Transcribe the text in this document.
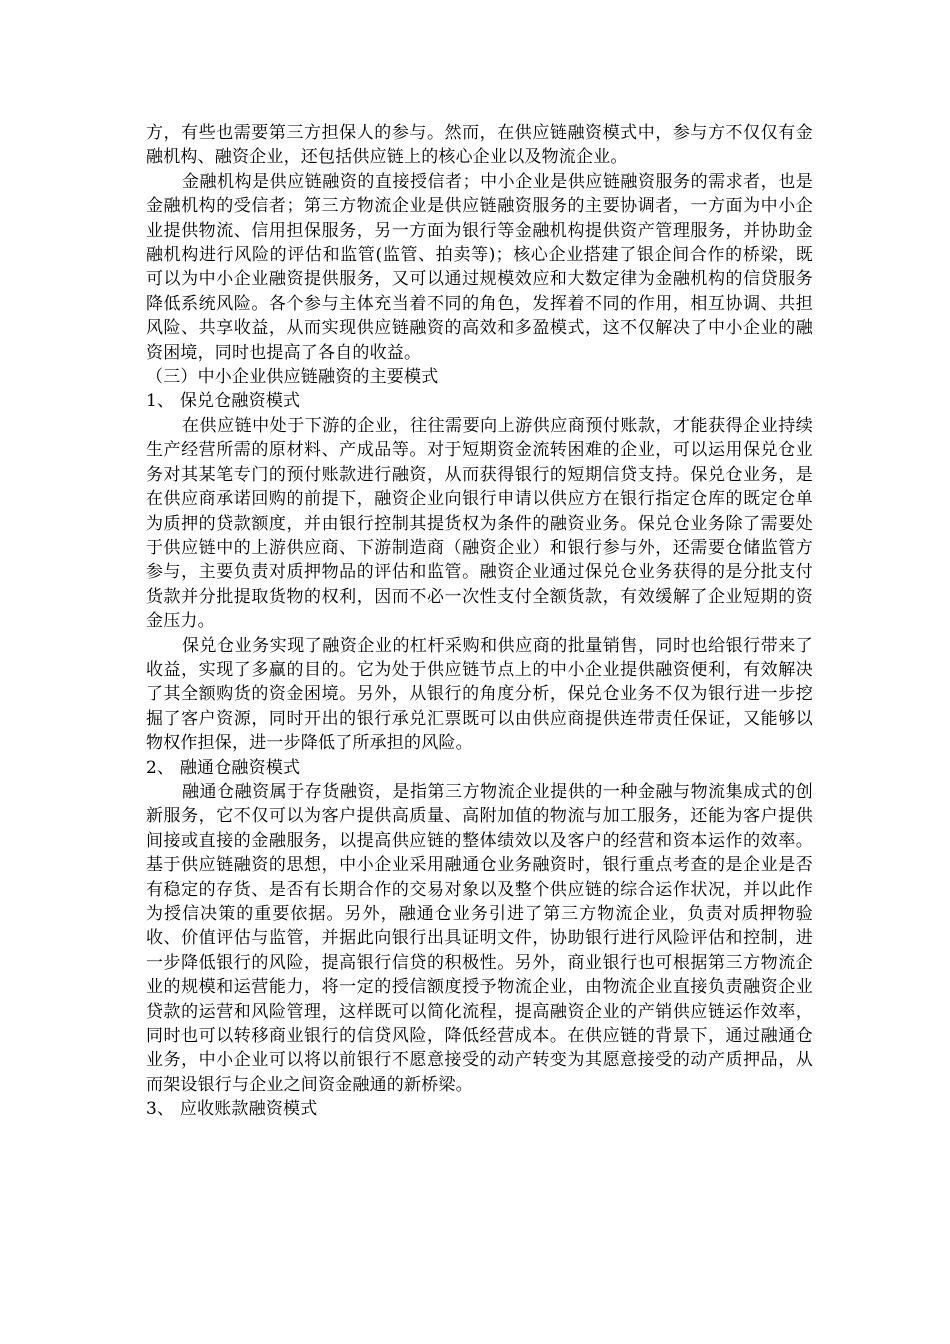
方，有些也需要第三方担保人的参与。然而，在供应链融资模式中，参与方不仅仅有金融机构、融资企业，还包括供应链上的核心企业以及物流企业。

金融机构是供应链融资的直接授信者；中小企业是供应链融资服务的需求者，也是金融机构的受信者；第三方物流企业是供应链融资服务的主要协调者，一方面为中小企业提供物流、信用担保服务，另一方面为银行等金融机构提供资产管理服务，并协助金融机构进行风险的评估和监管(监管、拍卖等)；核心企业搭建了银企间合作的桥梁，既可以为中小企业融资提供服务，又可以通过规模效应和大数定律为金融机构的信贷服务降低系统风险。各个参与主体充当着不同的角色，发挥着不同的作用，相互协调、共担风险、共享收益，从而实现供应链融资的高效和多盈模式，这不仅解决了中小企业的融资困境，同时也提高了各自的收益。

（三）中小企业供应链融资的主要模式

1、 保兑仓融资模式

在供应链中处于下游的企业，往往需要向上游供应商预付账款，才能获得企业持续生产经营所需的原材料、产成品等。对于短期资金流转困难的企业，可以运用保兑仓业务对其某笔专门的预付账款进行融资，从而获得银行的短期信贷支持。保兑仓业务，是在供应商承诺回购的前提下，融资企业向银行申请以供应方在银行指定仓库的既定仓单为质押的贷款额度，并由银行控制其提货权为条件的融资业务。保兑仓业务除了需要处于供应链中的上游供应商、下游制造商（融资企业）和银行参与外，还需要仓储监管方参与，主要负责对质押物品的评估和监管。融资企业通过保兑仓业务获得的是分批支付货款并分批提取货物的权利，因而不必一次性支付全额货款，有效缓解了企业短期的资金压力。

保兑仓业务实现了融资企业的杠杆采购和供应商的批量销售，同时也给银行带来了收益，实现了多赢的目的。它为处于供应链节点上的中小企业提供融资便利，有效解决了其全额购货的资金困境。另外，从银行的角度分析，保兑仓业务不仅为银行进一步挖掘了客户资源，同时开出的银行承兑汇票既可以由供应商提供连带责任保证，又能够以物权作担保，进一步降低了所承担的风险。

2、 融通仓融资模式

融通仓融资属于存货融资，是指第三方物流企业提供的一种金融与物流集成式的创新服务，它不仅可以为客户提供高质量、高附加值的物流与加工服务，还能为客户提供间接或直接的金融服务，以提高供应链的整体绩效以及客户的经营和资本运作的效率。基于供应链融资的思想，中小企业采用融通仓业务融资时，银行重点考查的是企业是否有稳定的存货、是否有长期合作的交易对象以及整个供应链的综合运作状况，并以此作为授信决策的重要依据。另外，融通仓业务引进了第三方物流企业，负责对质押物验收、价值评估与监管，并据此向银行出具证明文件，协助银行进行风险评估和控制，进一步降低银行的风险，提高银行信贷的积极性。另外，商业银行也可根据第三方物流企业的规模和运营能力，将一定的授信额度授予物流企业，由物流企业直接负责融资企业贷款的运营和风险管理，这样既可以简化流程，提高融资企业的产销供应链运作效率，同时也可以转移商业银行的信贷风险，降低经营成本。在供应链的背景下，通过融通仓业务，中小企业可以将以前银行不愿意接受的动产转变为其愿意接受的动产质押品，从而架设银行与企业之间资金融通的新桥梁。

3、 应收账款融资模式
